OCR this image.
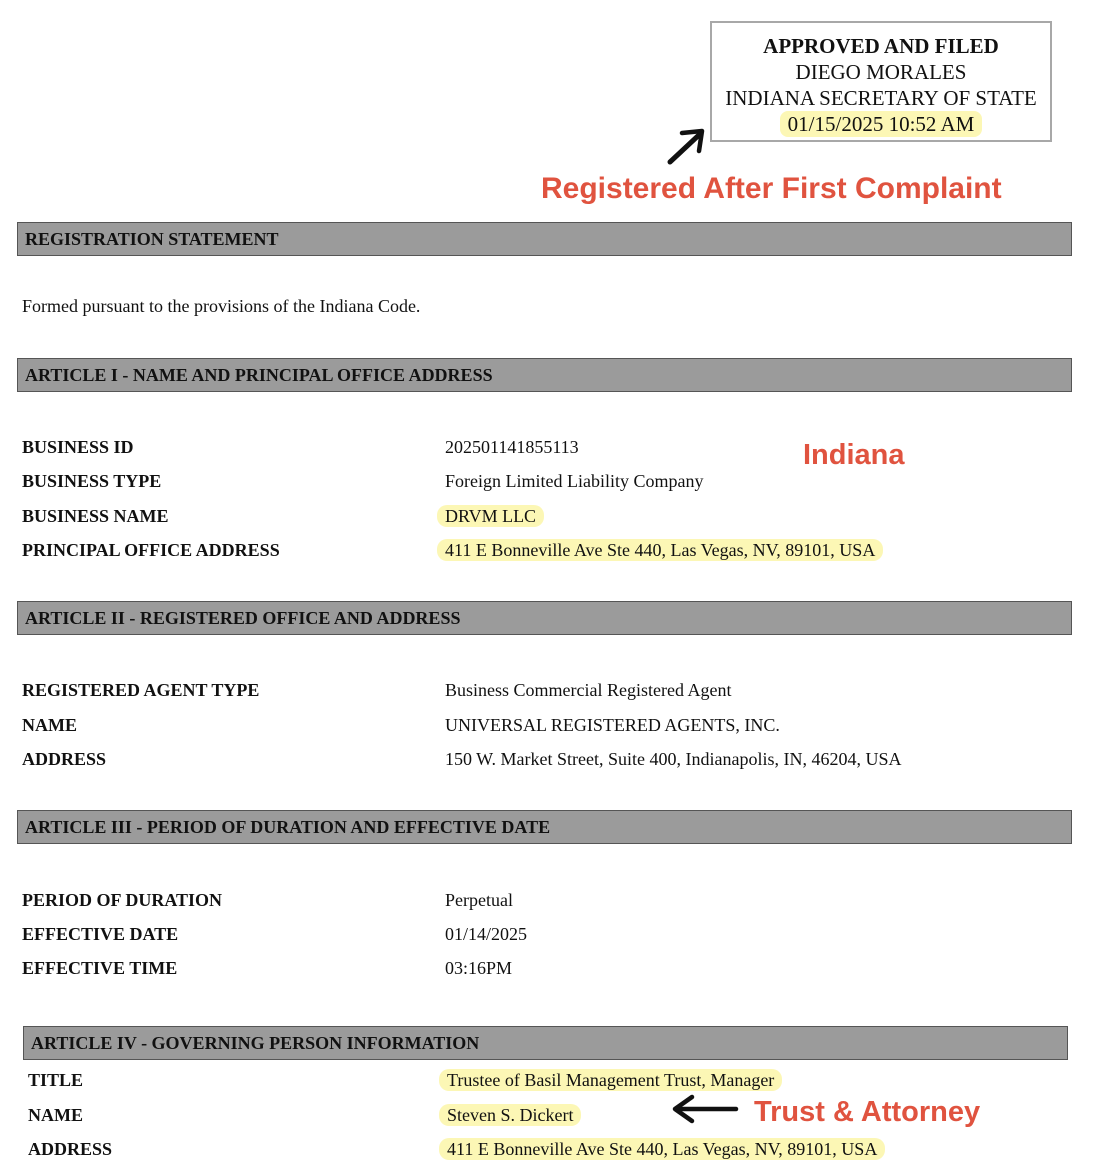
APPROVED AND FILED
DIEGO MORALES
INDIANA SECRETARY OF STATE
01/15/2025 10:52 AM
Registered After First Complaint
REGISTRATION STATEMENT
Formed pursuant to the provisions of the Indiana Code.
ARTICLE I - NAME AND PRINCIPAL OFFICE ADDRESS
BUSINESS ID	202501141855113
BUSINESS TYPE	Foreign Limited Liability Company
BUSINESS NAME	DRVM LLC
PRINCIPAL OFFICE ADDRESS	411 E Bonneville Ave Ste 440, Las Vegas, NV, 89101, USA
Indiana
ARTICLE II - REGISTERED OFFICE AND ADDRESS
REGISTERED AGENT TYPE	Business Commercial Registered Agent
NAME	UNIVERSAL REGISTERED AGENTS, INC.
ADDRESS	150 W. Market Street, Suite 400, Indianapolis, IN, 46204, USA
ARTICLE III - PERIOD OF DURATION AND EFFECTIVE DATE
PERIOD OF DURATION	Perpetual
EFFECTIVE DATE	01/14/2025
EFFECTIVE TIME	03:16PM
ARTICLE IV - GOVERNING PERSON INFORMATION
TITLE	Trustee of Basil Management Trust, Manager
NAME	Steven S. Dickert
ADDRESS	411 E Bonneville Ave Ste 440, Las Vegas, NV, 89101, USA
Trust & Attorney
